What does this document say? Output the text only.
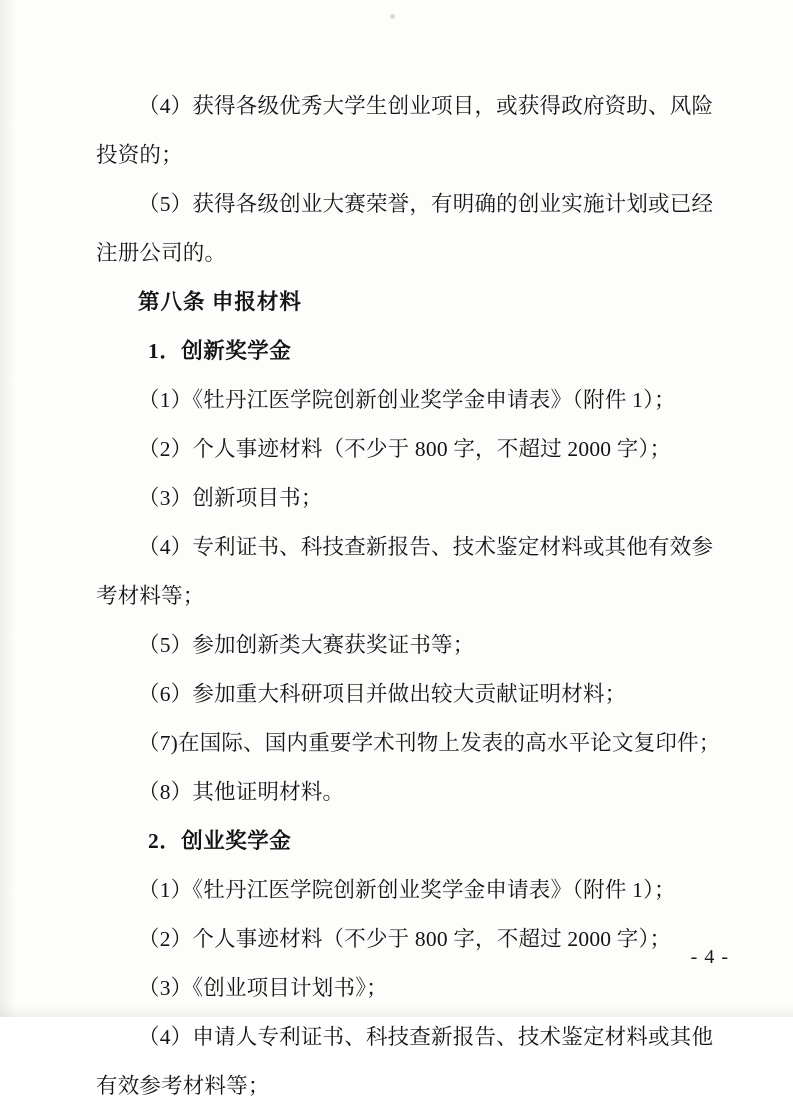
（4）获得各级优秀大学生创业项目，或获得政府资助、风险
投资的；
（5）获得各级创业大赛荣誉，有明确的创业实施计划或已经
注册公司的。
第八条 申报材料
1．创新奖学金
（1）《牡丹江医学院创新创业奖学金申请表》（附件 1）；
（2）个人事迹材料（不少于 800 字，不超过 2000 字）；
（3）创新项目书；
（4）专利证书、科技查新报告、技术鉴定材料或其他有效参
考材料等；
（5）参加创新类大赛获奖证书等；
（6）参加重大科研项目并做出较大贡献证明材料；
（7)在国际、国内重要学术刊物上发表的高水平论文复印件；
（8）其他证明材料。
2．创业奖学金
（1）《牡丹江医学院创新创业奖学金申请表》（附件 1）；
（2）个人事迹材料（不少于 800 字，不超过 2000 字）；
（3）《创业项目计划书》；
（4）申请人专利证书、科技查新报告、技术鉴定材料或其他
有效参考材料等；
- 4 -
